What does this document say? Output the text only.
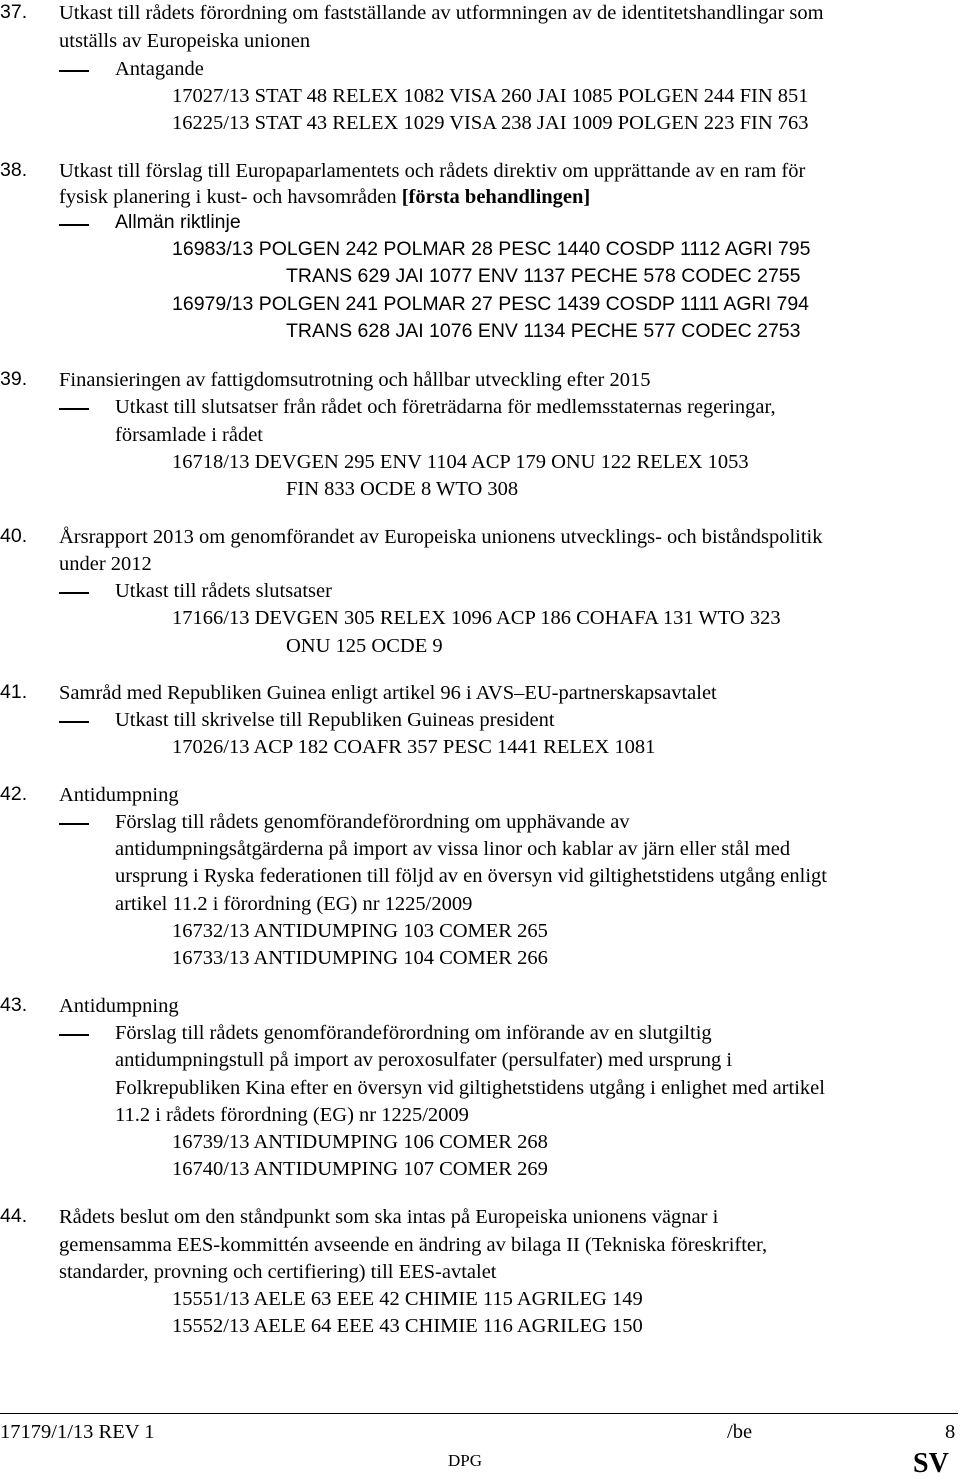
37. Utkast till rådets förordning om fastställande av utformningen av de identitetshandlingar som
utställs av Europeiska unionen
Antagande
17027/13 STAT 48 RELEX 1082 VISA 260 JAI 1085 POLGEN 244 FIN 851
16225/13 STAT 43 RELEX 1029 VISA 238 JAI 1009 POLGEN 223 FIN 763
38. Utkast till förslag till Europaparlamentets och rådets direktiv om upprättande av en ram för
fysisk planering i kust- och havsområden [första behandlingen]
Allmän riktlinje
16983/13 POLGEN 242 POLMAR 28 PESC 1440 COSDP 1112 AGRI 795
TRANS 629 JAI 1077 ENV 1137 PECHE 578 CODEC 2755
16979/13 POLGEN 241 POLMAR 27 PESC 1439 COSDP 1111 AGRI 794
TRANS 628 JAI 1076 ENV 1134 PECHE 577 CODEC 2753
39. Finansieringen av fattigdomsutrotning och hållbar utveckling efter 2015
Utkast till slutsatser från rådet och företrädarna för medlemsstaternas regeringar,
församlade i rådet
16718/13 DEVGEN 295 ENV 1104 ACP 179 ONU 122 RELEX 1053
FIN 833 OCDE 8 WTO 308
40. Årsrapport 2013 om genomförandet av Europeiska unionens utvecklings- och biståndspolitik
under 2012
Utkast till rådets slutsatser
17166/13 DEVGEN 305 RELEX 1096 ACP 186 COHAFA 131 WTO 323
ONU 125 OCDE 9
41. Samråd med Republiken Guinea enligt artikel 96 i AVS–EU-partnerskapsavtalet
Utkast till skrivelse till Republiken Guineas president
17026/13 ACP 182 COAFR 357 PESC 1441 RELEX 1081
42. Antidumpning
Förslag till rådets genomförandeförordning om upphävande av
antidumpningsåtgärderna på import av vissa linor och kablar av järn eller stål med
ursprung i Ryska federationen till följd av en översyn vid giltighetstidens utgång enligt
artikel 11.2 i förordning (EG) nr 1225/2009
16732/13 ANTIDUMPING 103 COMER 265
16733/13 ANTIDUMPING 104 COMER 266
43. Antidumpning
Förslag till rådets genomförandeförordning om införande av en slutgiltig
antidumpningstull på import av peroxosulfater (persulfater) med ursprung i
Folkrepubliken Kina efter en översyn vid giltighetstidens utgång i enlighet med artikel
11.2 i rådets förordning (EG) nr 1225/2009
16739/13 ANTIDUMPING 106 COMER 268
16740/13 ANTIDUMPING 107 COMER 269
44. Rådets beslut om den ståndpunkt som ska intas på Europeiska unionens vägnar i
gemensamma EES-kommittén avseende en ändring av bilaga II (Tekniska föreskrifter,
standarder, provning och certifiering) till EES-avtalet
15551/13 AELE 63 EEE 42 CHIMIE 115 AGRILEG 149
15552/13 AELE 64 EEE 43 CHIMIE 116 AGRILEG 150
17179/1/13 REV 1	/be	8
DPG	SV
